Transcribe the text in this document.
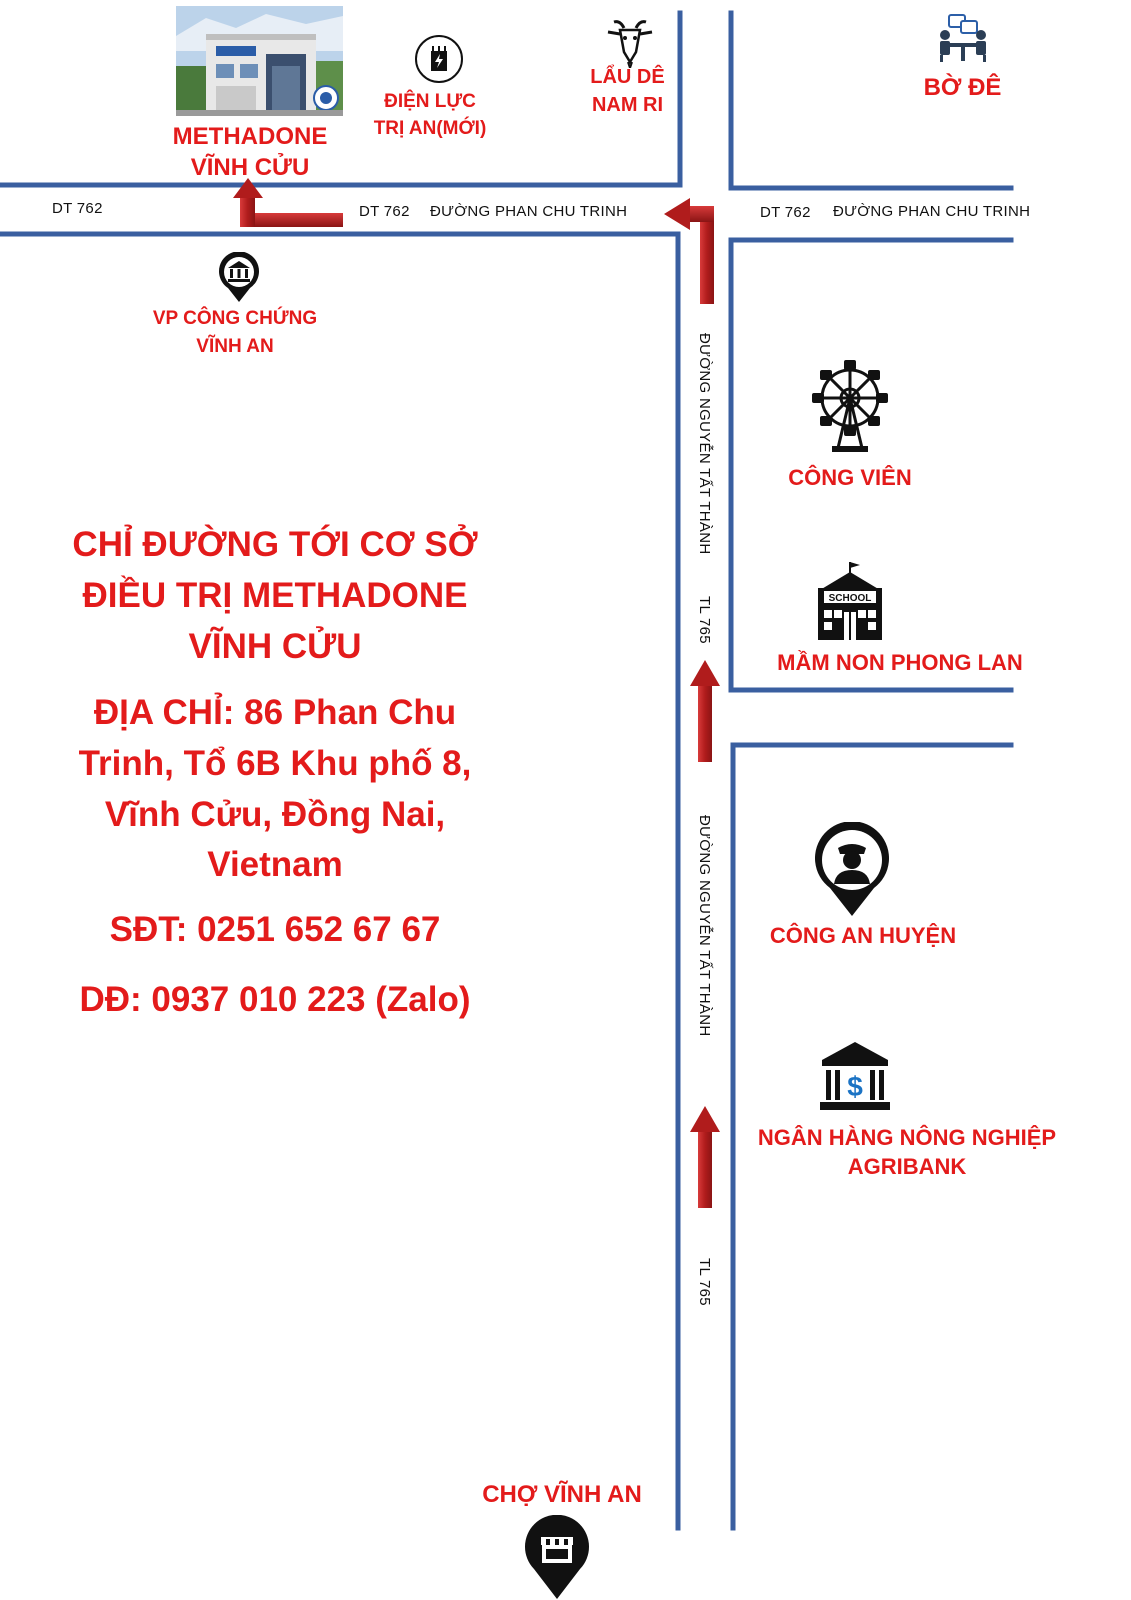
DT 762	DT 762 ĐƯỜNG PHAN CHU TRINH	DT 762 ĐƯỜNG PHAN CHU TRINH
ĐƯỜNG NGUYỄN TẤT THÀNH
TL 765
ĐƯỜNG NGUYỄN TẤT THÀNH
TL 765
METHADONE
VĨNH CỬU
ĐIỆN LỰC
TRỊ AN(MỚI)
LẨU DÊ
NAM RI
BỜ ĐÊ
VP CÔNG CHỨNG
VĨNH AN
CÔNG VIÊN
SCHOOL
MẦM NON PHONG LAN
CÔNG AN HUYỆN
$
NGÂN HÀNG NÔNG NGHIỆP
AGRIBANK
CHỢ VĨNH AN
CHỈ ĐƯỜNG TỚI CƠ SỞ
ĐIỀU TRỊ METHADONE
VĨNH CỬU
ĐỊA CHỈ: 86 Phan Chu
Trinh, Tổ 6B Khu phố 8,
Vĩnh Cửu, Đồng Nai,
Vietnam
SĐT: 0251 652 67 67
DĐ: 0937 010 223 (Zalo)
